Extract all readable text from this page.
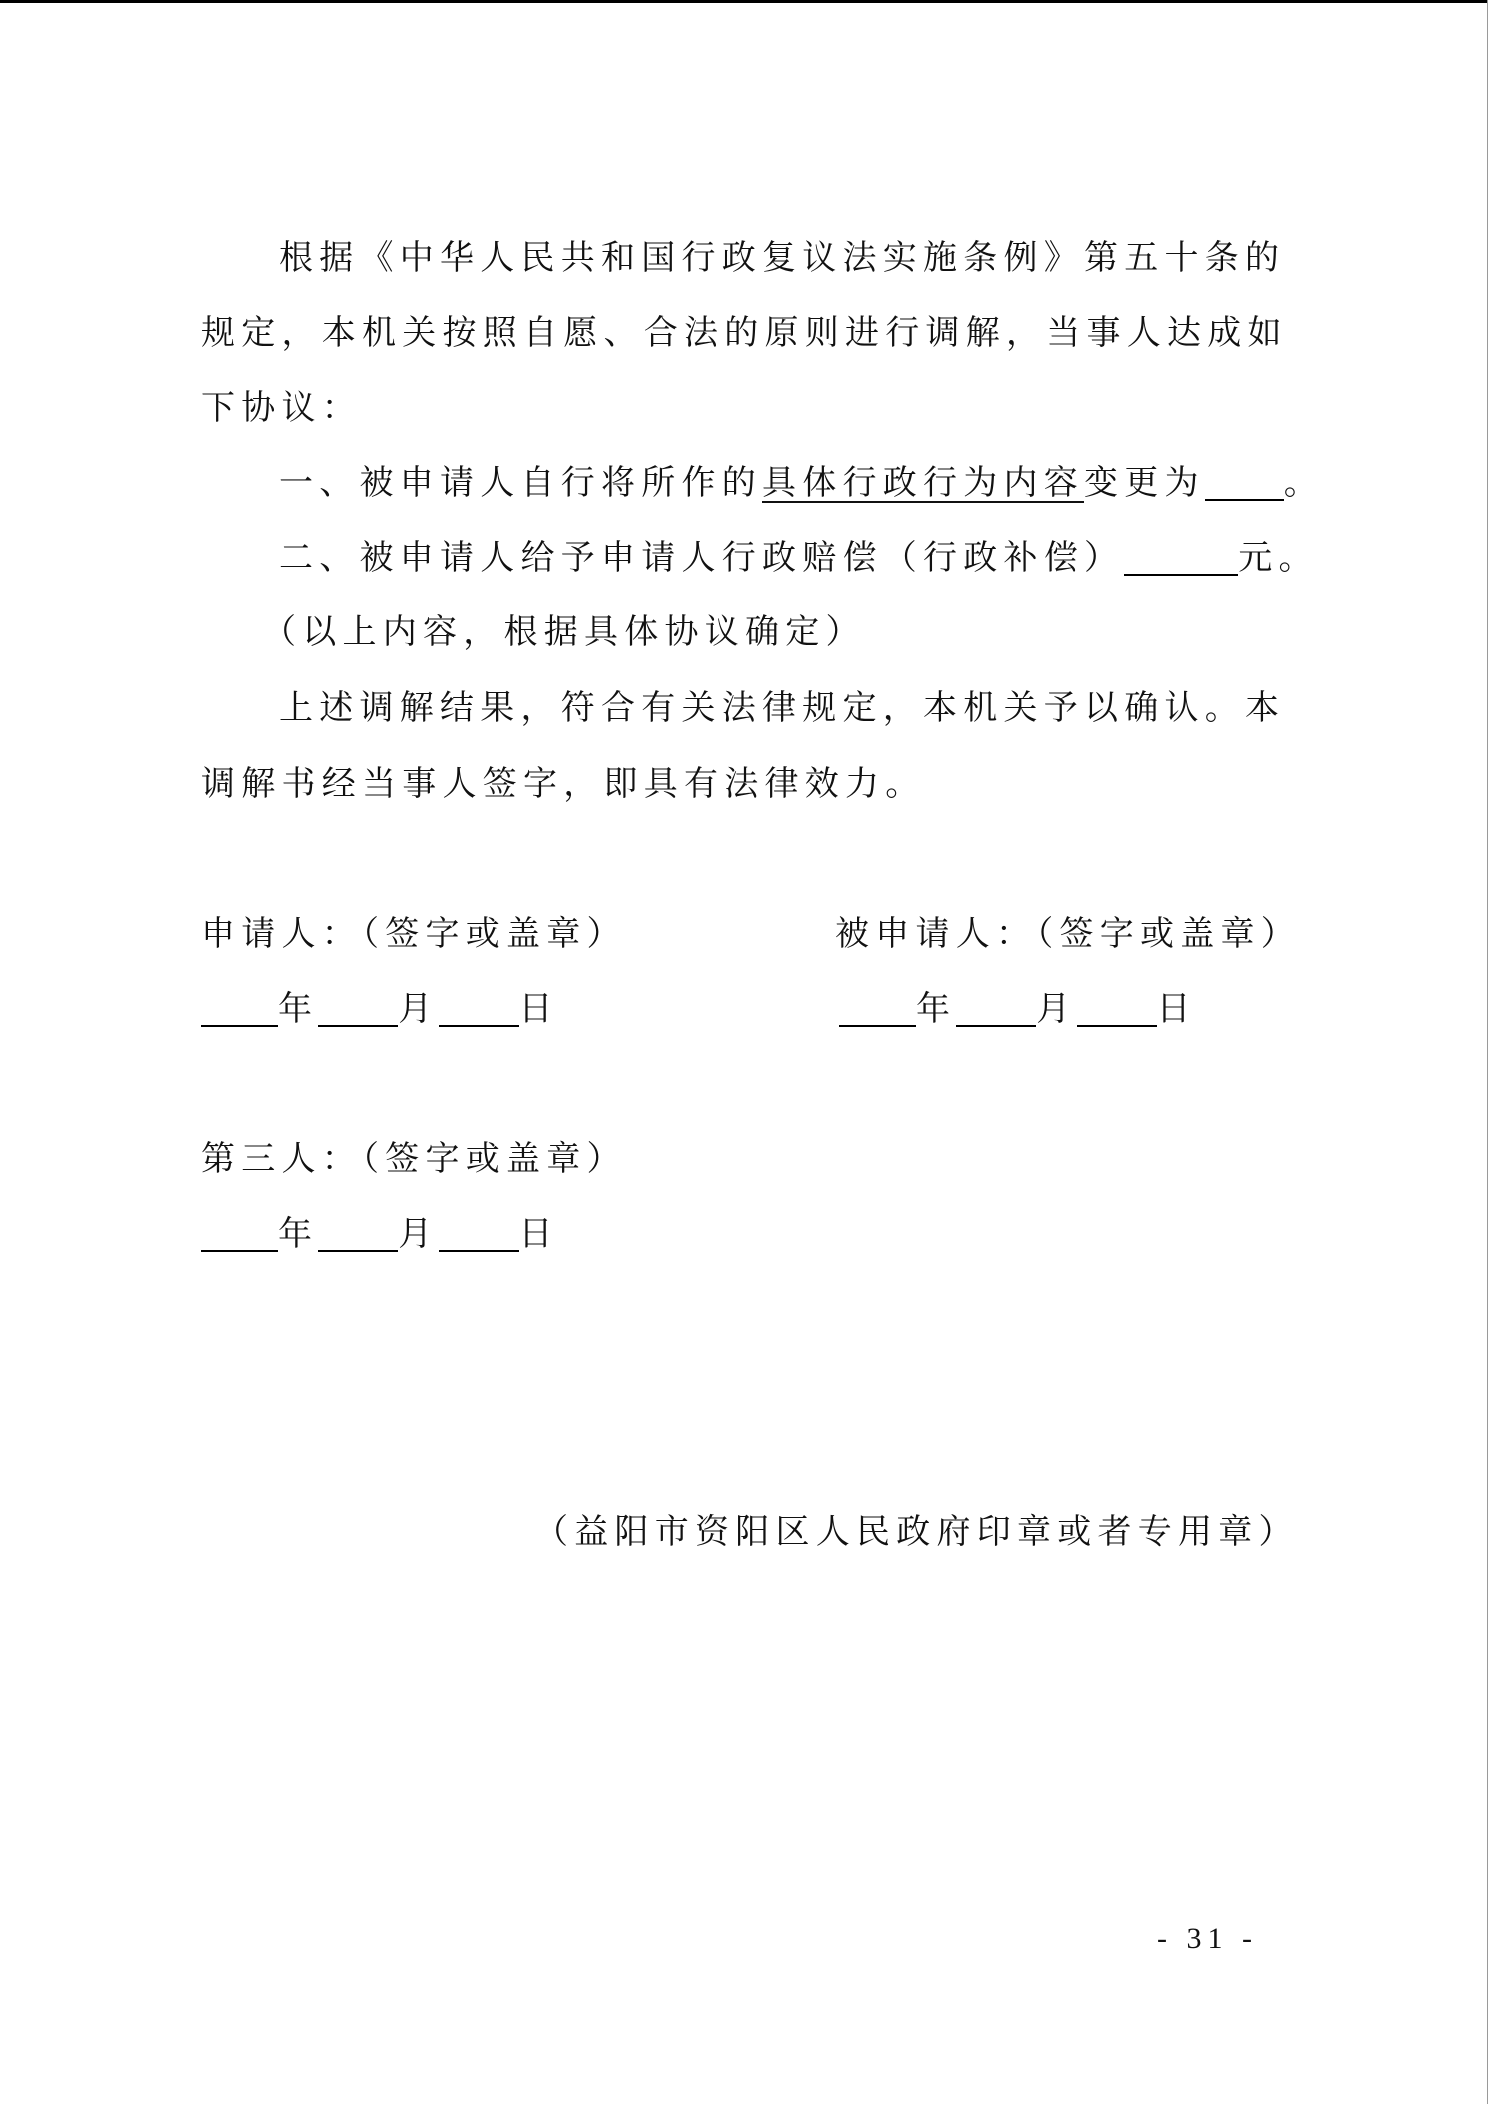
根据《中华人民共和国行政复议法实施条例》第五十条的
规定，本机关按照自愿、合法的原则进行调解，当事人达成如
下协议：
一、被申请人自行将所作的具体行政行为内容变更为 。
二、被申请人给予申请人行政赔偿（行政补偿）	元。
（以上内容，根据具体协议确定）
上述调解结果，符合有关法律规定，本机关予以确认。本
调解书经当事人签字，即具有法律效力。
申请人：（签字或盖章）	被申请人：（签字或盖章）
年 月 日	年 月 日
第三人：（签字或盖章）
年 月 日
（益阳市资阳区人民政府印章或者专用章）
- 31 -
